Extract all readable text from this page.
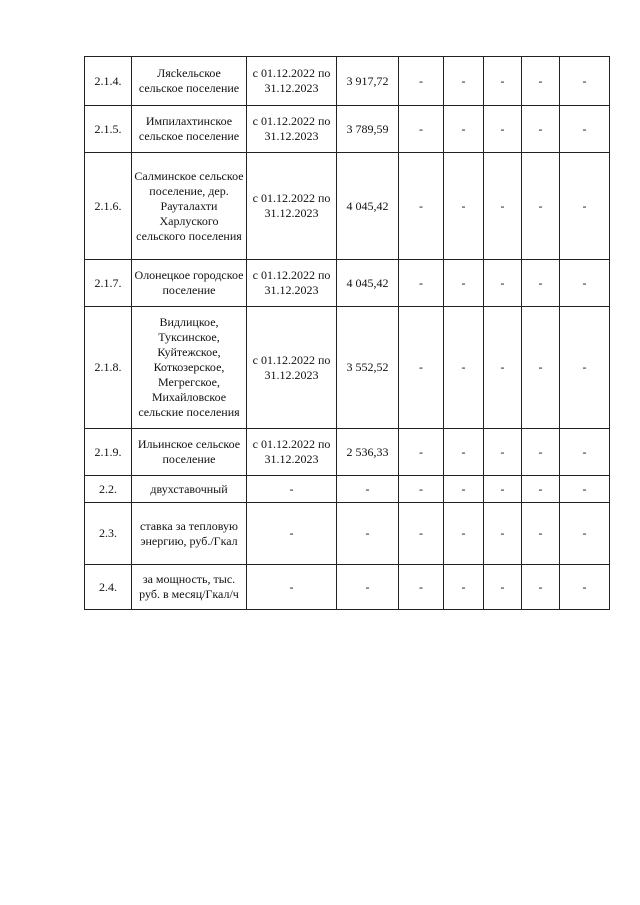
2.1.4.	Лясkельское сельское поселение	с 01.12.2022 по 31.12.2023	3 917,72	-	-	-	-	-
2.1.5.	Импилахтинское сельское поселение	с 01.12.2022 по 31.12.2023	3 789,59	-	-	-	-	-
2.1.6.	Салминское сельское поселение, дер. Рауталахти Харлуского сельского поселения	с 01.12.2022 по 31.12.2023	4 045,42	-	-	-	-	-
2.1.7.	Олонецкое городское поселение	с 01.12.2022 по 31.12.2023	4 045,42	-	-	-	-	-
2.1.8.	Видлицкое, Туксинское, Куйтежское, Коткозерское, Мегрегское, Михайловское сельские поселения	с 01.12.2022 по 31.12.2023	3 552,52	-	-	-	-	-
2.1.9.	Ильинское сельское поселение	с 01.12.2022 по 31.12.2023	2 536,33	-	-	-	-	-
2.2.	двухставочный	-	-	-	-	-	-	-
2.3.	ставка за тепловую энергию, руб./Гкал	-	-	-	-	-	-	-
2.4.	за мощность, тыс. руб. в месяц/Гкал/ч	-	-	-	-	-	-	-
